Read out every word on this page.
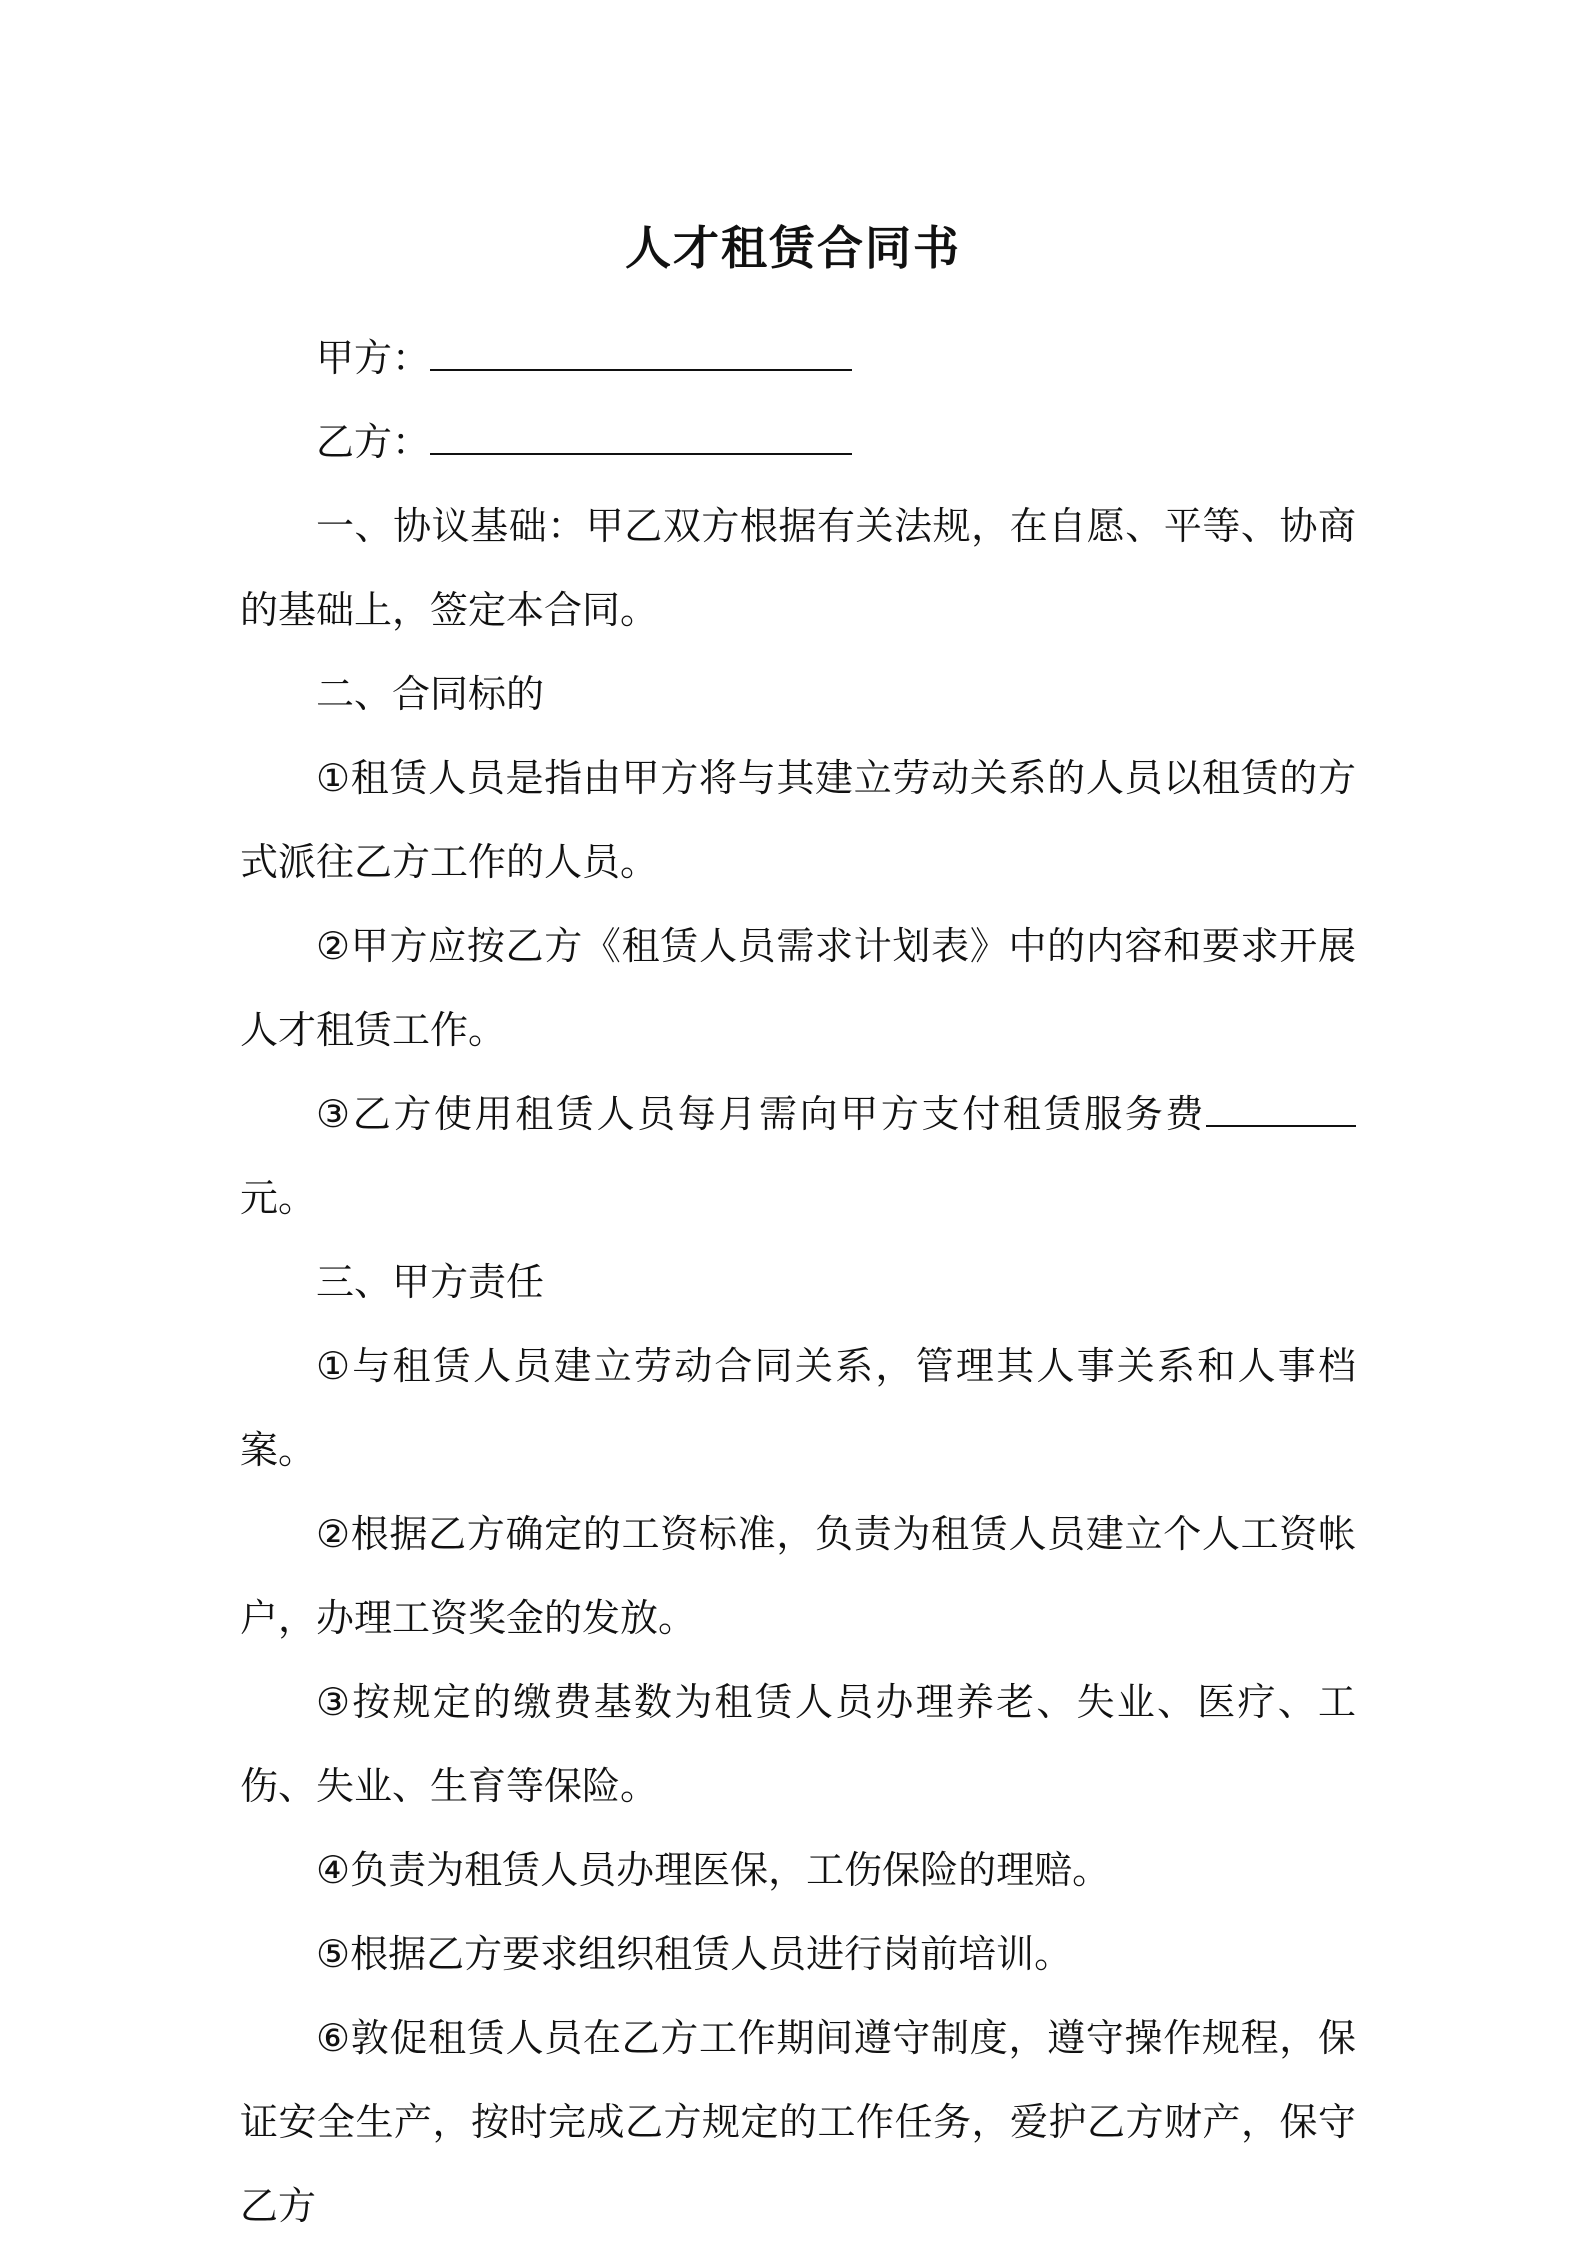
人才租赁合同书

甲方：

乙方：

一、协议基础：甲乙双方根据有关法规，在自愿、平等、协商的基础上，签定本合同。

二、合同标的

①租赁人员是指由甲方将与其建立劳动关系的人员以租赁的方式派往乙方工作的人员。

②甲方应按乙方《租赁人员需求计划表》中的内容和要求开展人才租赁工作。

③乙方使用租赁人员每月需向甲方支付租赁服务费元。

三、甲方责任

①与租赁人员建立劳动合同关系，管理其人事关系和人事档案。

②根据乙方确定的工资标准，负责为租赁人员建立个人工资帐户，办理工资奖金的发放。

③按规定的缴费基数为租赁人员办理养老、失业、医疗、工伤、失业、生育等保险。

④负责为租赁人员办理医保，工伤保险的理赔。

⑤根据乙方要求组织租赁人员进行岗前培训。

⑥敦促租赁人员在乙方工作期间遵守制度，遵守操作规程，保证安全生产，按时完成乙方规定的工作任务，爱护乙方财产，保守乙方
